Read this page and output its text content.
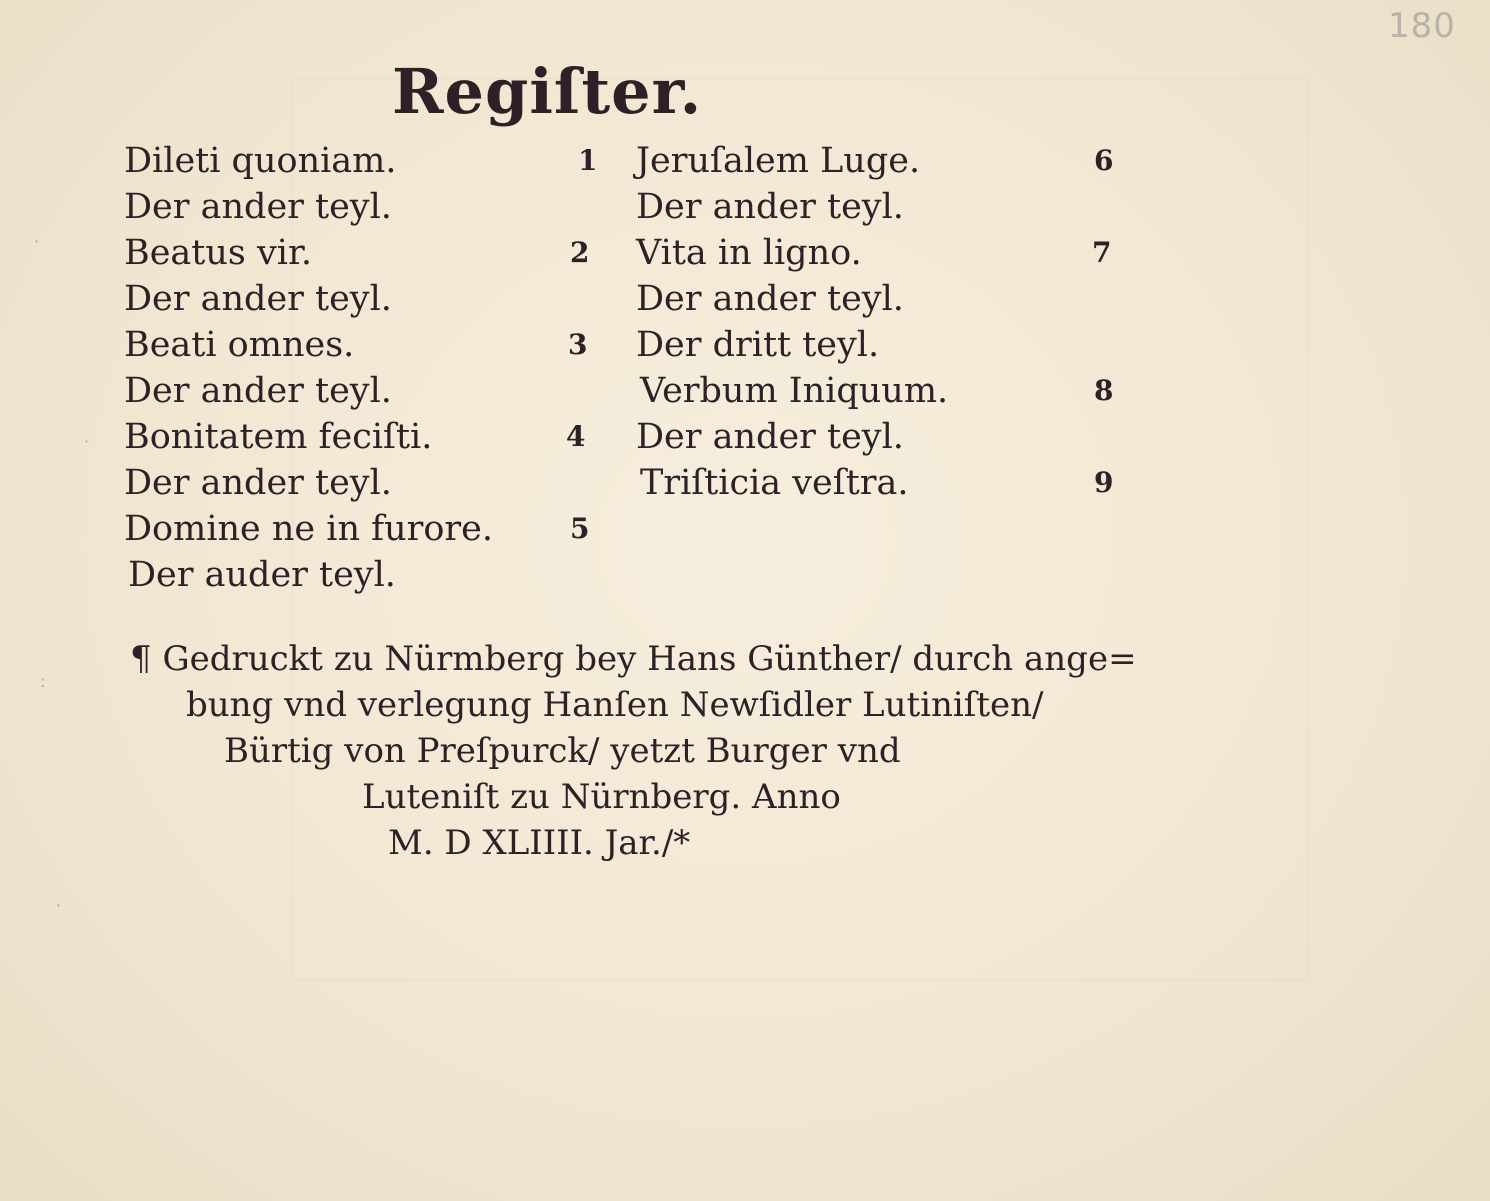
180
Regiſter.
Dileti quoniam.	1
Der ander teyl.
Beatus vir.	2
Der ander teyl.
Beati omnes.	3
Der ander teyl.
Bonitatem feciſti.	4
Der ander teyl.
Domine ne in furore.	5
Der auder teyl.
Jeruſalem Luge.	6
Der ander teyl.
Vita in ligno.	7
Der ander teyl.
Der dritt teyl.
Verbum Iniquum.	8
Der ander teyl.
Triſticia veſtra.	9
¶ Gedruckt zu Nürmberg bey Hans Günther/ durch ange=
bung vnd verlegung Hanſen Newſidler Lutiniſten/
Bürtig von Preſpurck/ yetzt Burger vnd
Luteniſt zu Nürnberg. Anno
M. D XLIIII. Jar./*
·
·
:
·
